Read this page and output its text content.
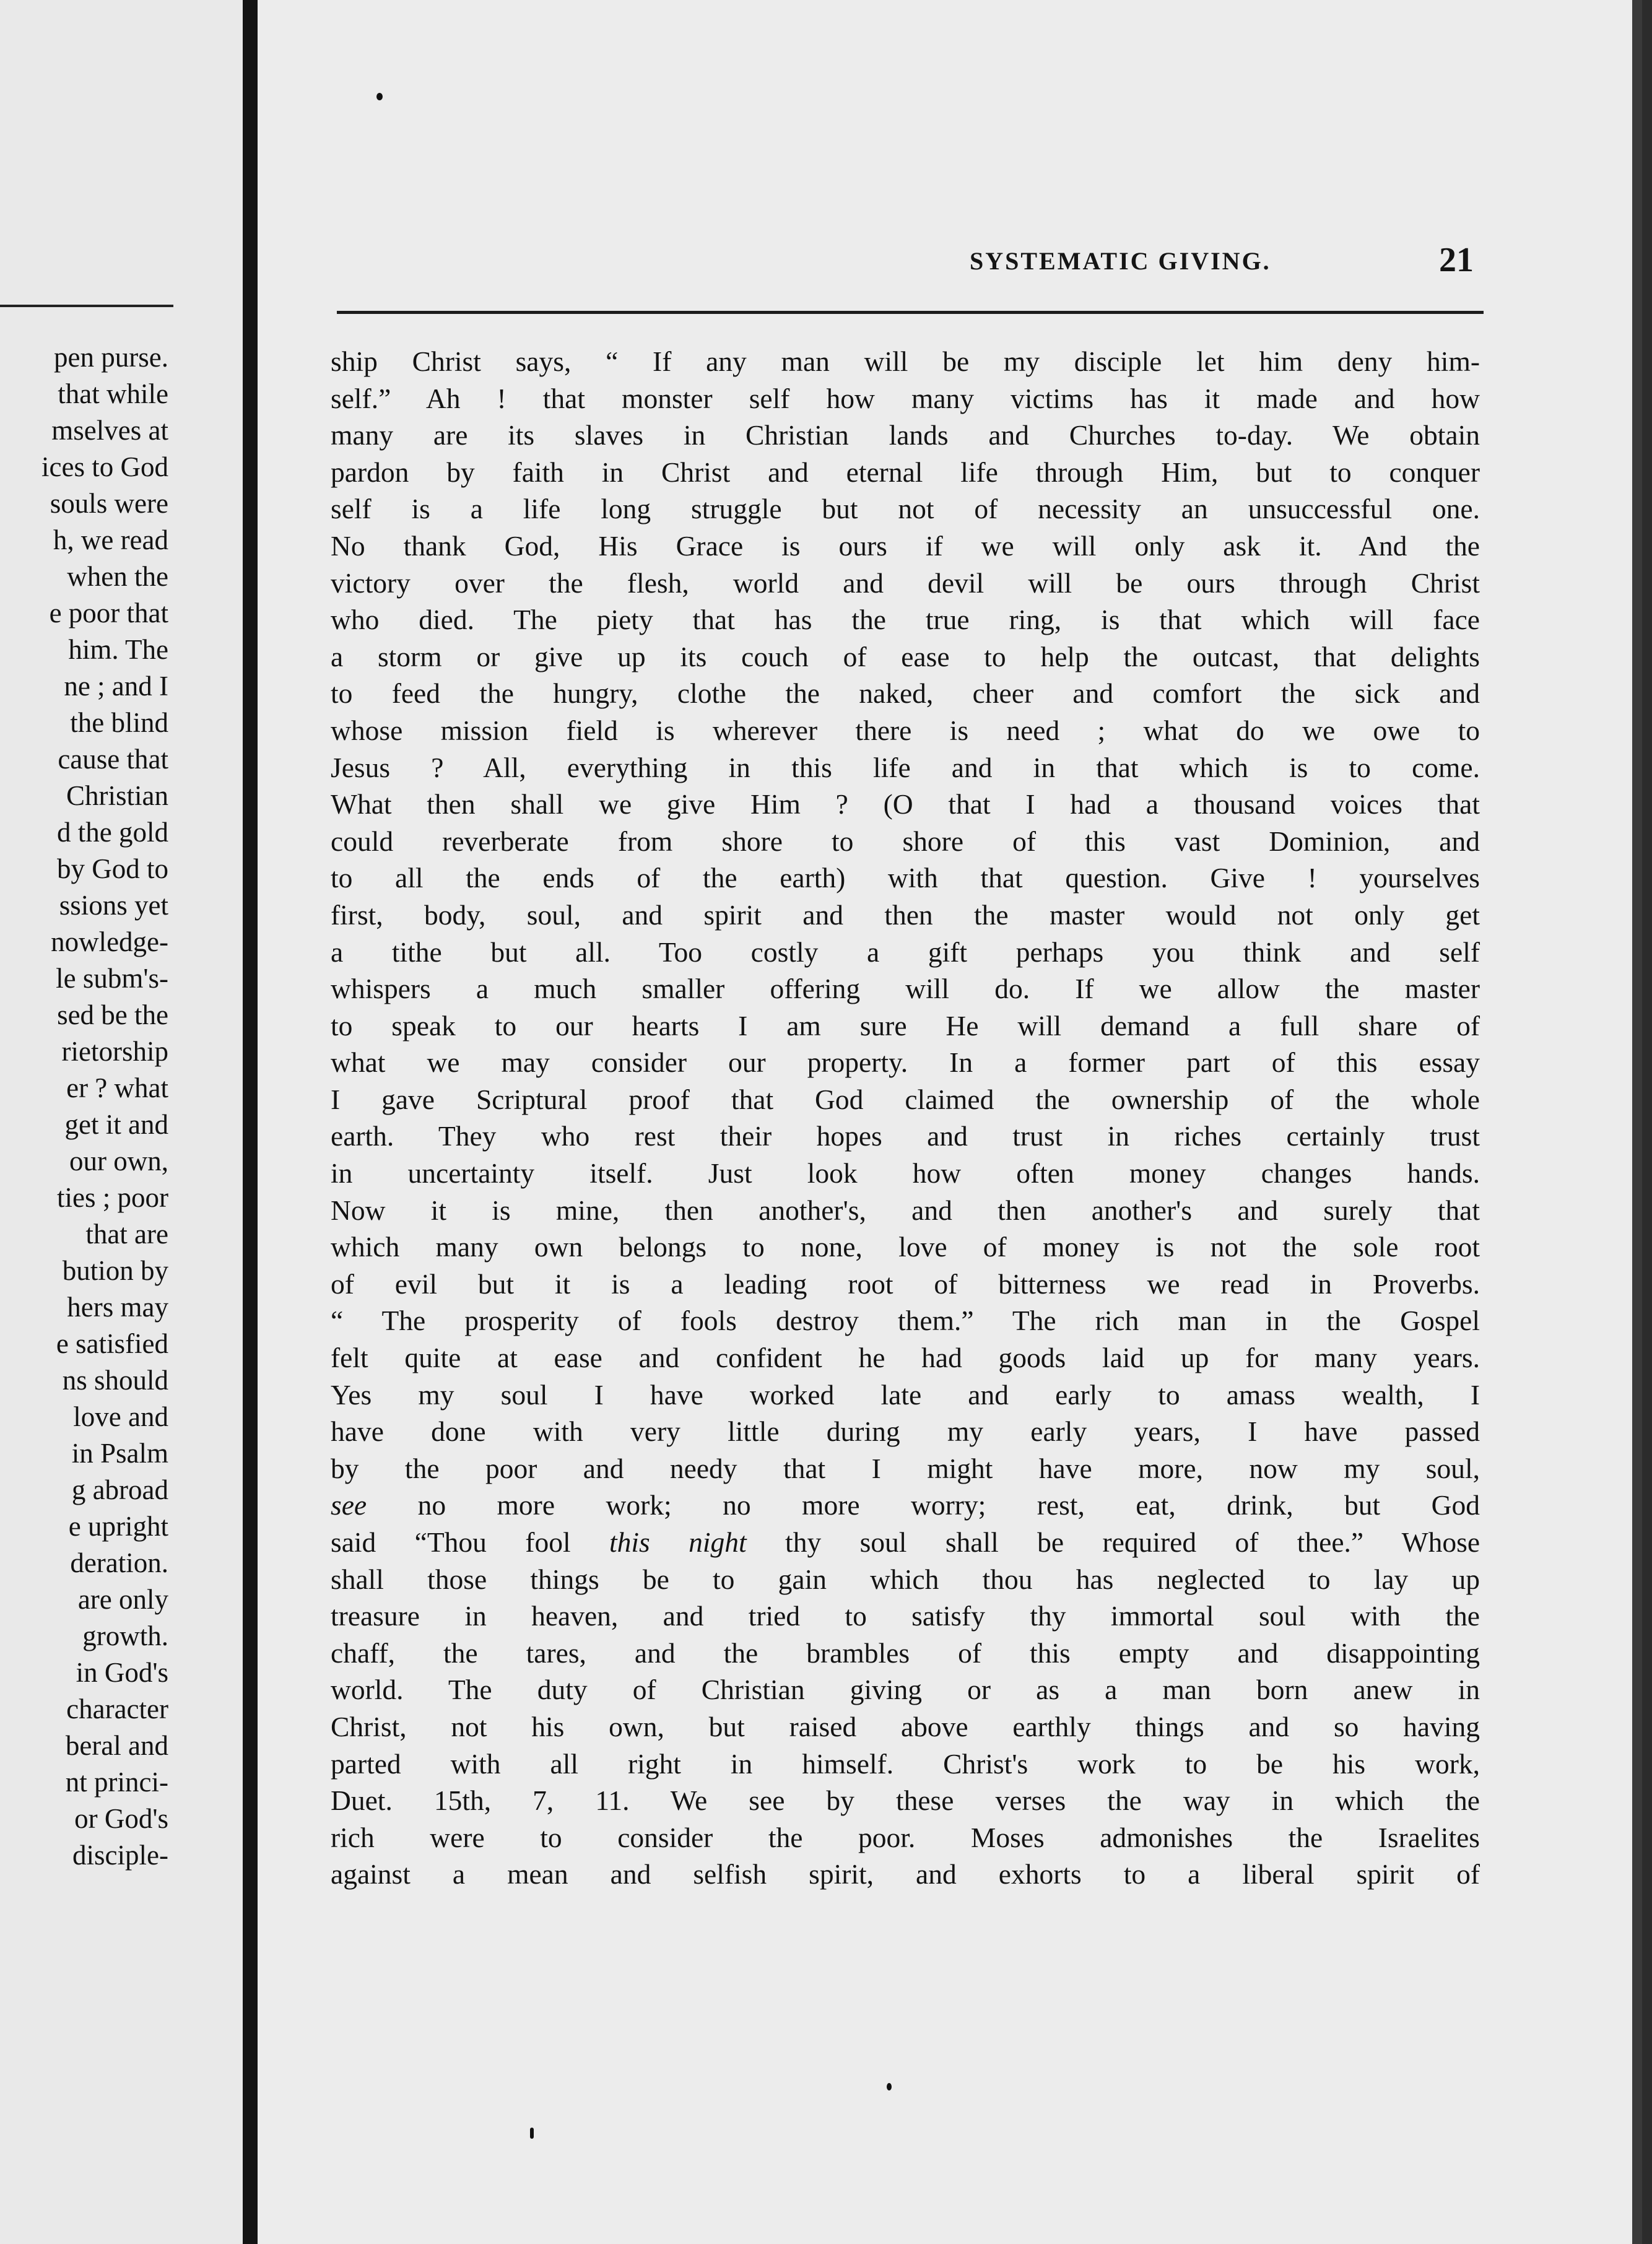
pen purse.
that while
mselves at
ices to God
souls were
h, we read
when the
e poor that
him. The
ne ; and I
the blind
cause that
Christian
d the gold
by God to
ssions yet
nowledge-
le subm's-
sed be the
rietorship
er ? what
get it and
our own,
ties ; poor
that are
bution by
hers may
e satisfied
ns should
love and
in Psalm
g abroad
e upright
deration.
are only
growth.
in God's
character
beral and
nt princi-
or God's
disciple-
SYSTEMATIC GIVING.	21
ship Christ says, “ If any man will be my disciple let him deny him-
self.” Ah ! that monster self how many victims has it made and how
many are its slaves in Christian lands and Churches to-day. We obtain
pardon by faith in Christ and eternal life through Him, but to conquer
self is a life long struggle but not of necessity an unsuccessful one.
No thank God, His Grace is ours if we will only ask it. And the
victory over the flesh, world and devil will be ours through Christ
who died. The piety that has the true ring, is that which will face
a storm or give up its couch of ease to help the outcast, that delights
to feed the hungry, clothe the naked, cheer and comfort the sick and
whose mission field is wherever there is need ; what do we owe to
Jesus ? All, everything in this life and in that which is to come.
What then shall we give Him ? (O that I had a thousand voices that
could reverberate from shore to shore of this vast Dominion, and
to all the ends of the earth) with that question. Give ! yourselves
first, body, soul, and spirit and then the master would not only get
a tithe but all. Too costly a gift perhaps you think and self
whispers a much smaller offering will do. If we allow the master
to speak to our hearts I am sure He will demand a full share of
what we may consider our property. In a former part of this essay
I gave Scriptural proof that God claimed the ownership of the whole
earth. They who rest their hopes and trust in riches certainly trust
in uncertainty itself. Just look how often money changes hands.
Now it is mine, then another's, and then another's and surely that
which many own belongs to none, love of money is not the sole root
of evil but it is a leading root of bitterness we read in Proverbs.
“ The prosperity of fools destroy them.” The rich man in the Gospel
felt quite at ease and confident he had goods laid up for many years.
Yes my soul I have worked late and early to amass wealth, I
have done with very little during my early years, I have passed
by the poor and needy that I might have more, now my soul,
see no more work; no more worry; rest, eat, drink, but God
said “Thou fool this night thy soul shall be required of thee.” Whose
shall those things be to gain which thou has neglected to lay up
treasure in heaven, and tried to satisfy thy immortal soul with the
chaff, the tares, and the brambles of this empty and disappointing
world. The duty of Christian giving or as a man born anew in
Christ, not his own, but raised above earthly things and so having
parted with all right in himself. Christ's work to be his work,
Duet. 15th, 7, 11. We see by these verses the way in which the
rich were to consider the poor. Moses admonishes the Israelites
against a mean and selfish spirit, and exhorts to a liberal spirit of
